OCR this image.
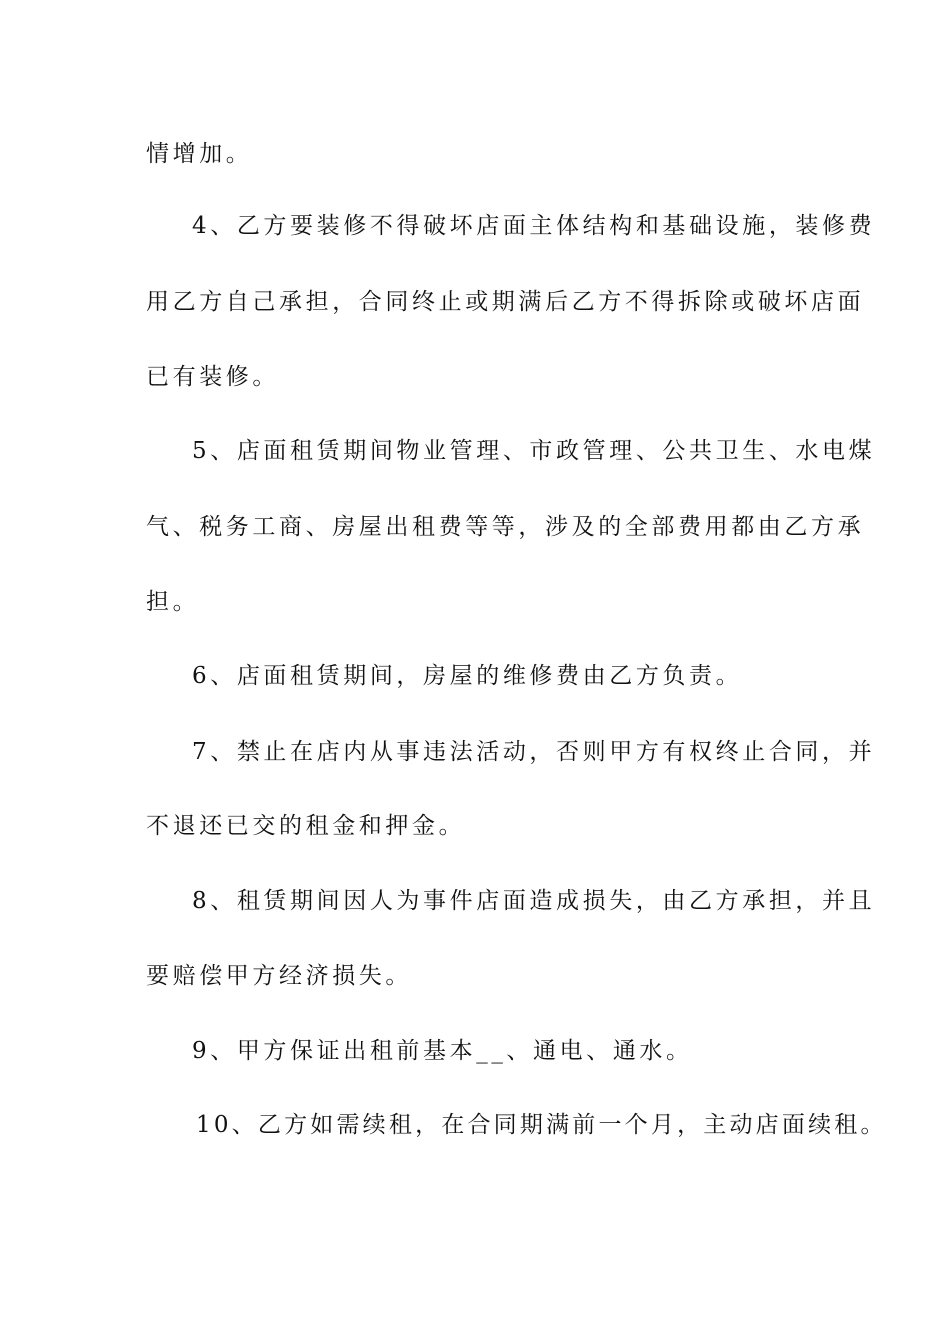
情增加。
4、乙方要装修不得破坏店面主体结构和基础设施，装修费
用乙方自己承担，合同终止或期满后乙方不得拆除或破坏店面
已有装修。
5、店面租赁期间物业管理、市政管理、公共卫生、水电煤
气、税务工商、房屋出租费等等，涉及的全部费用都由乙方承
担。
6、店面租赁期间，房屋的维修费由乙方负责。
7、禁止在店内从事违法活动，否则甲方有权终止合同，并
不退还已交的租金和押金。
8、租赁期间因人为事件店面造成损失，由乙方承担，并且
要赔偿甲方经济损失。
9、甲方保证出租前基本__、通电、通水。
10、乙方如需续租，在合同期满前一个月，主动店面续租。
